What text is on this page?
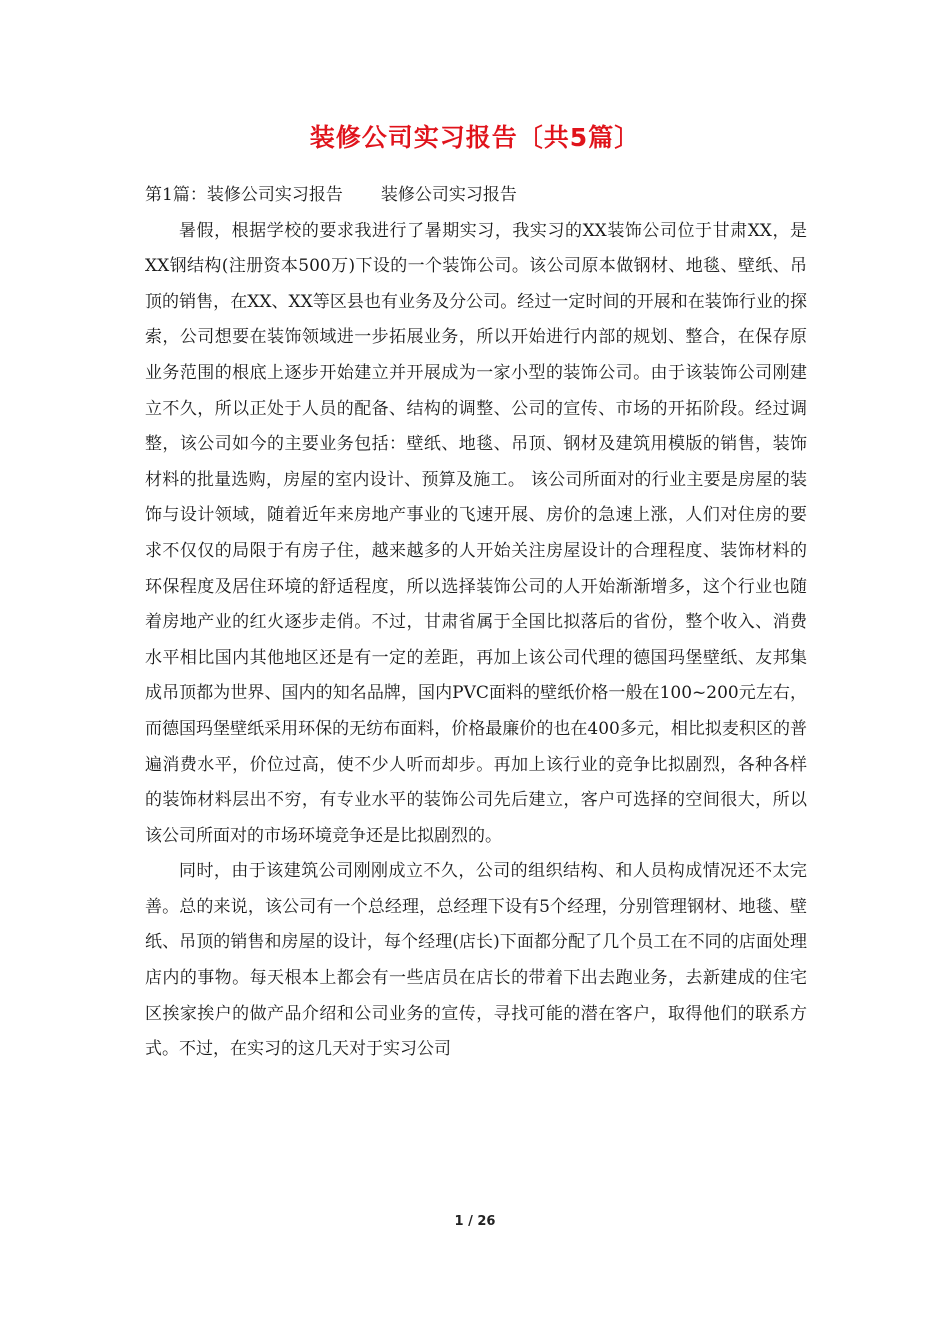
装修公司实习报告〔共5篇〕

第1篇：装修公司实习报告 装修公司实习报告

暑假，根据学校的要求我进行了暑期实习，我实习的XX装饰公司位于甘肃XX，是XX钢结构(注册资本500万)下设的一个装饰公司。该公司原本做钢材、地毯、壁纸、吊顶的销售，在XX、XX等区县也有业务及分公司。经过一定时间的开展和在装饰行业的探索，公司想要在装饰领域进一步拓展业务，所以开始进行内部的规划、整合，在保存原业务范围的根底上逐步开始建立并开展成为一家小型的装饰公司。由于该装饰公司刚建立不久，所以正处于人员的配备、结构的调整、公司的宣传、市场的开拓阶段。经过调整，该公司如今的主要业务包括：壁纸、地毯、吊顶、钢材及建筑用模版的销售，装饰材料的批量选购，房屋的室内设计、预算及施工。 该公司所面对的行业主要是房屋的装饰与设计领域，随着近年来房地产事业的飞速开展、房价的急速上涨，人们对住房的要求不仅仅的局限于有房子住，越来越多的人开始关注房屋设计的合理程度、装饰材料的环保程度及居住环境的舒适程度，所以选择装饰公司的人开始渐渐增多，这个行业也随着房地产业的红火逐步走俏。不过，甘肃省属于全国比拟落后的省份，整个收入、消费水平相比国内其他地区还是有一定的差距，再加上该公司代理的德国玛堡壁纸、友邦集成吊顶都为世界、国内的知名品牌，国内PVC面料的壁纸价格一般在100~200元左右，而德国玛堡壁纸采用环保的无纺布面料，价格最廉价的也在400多元，相比拟麦积区的普遍消费水平，价位过高，使不少人听而却步。再加上该行业的竞争比拟剧烈，各种各样的装饰材料层出不穷，有专业水平的装饰公司先后建立，客户可选择的空间很大，所以该公司所面对的市场环境竞争还是比拟剧烈的。

同时，由于该建筑公司刚刚成立不久，公司的组织结构、和人员构成情况还不太完善。总的来说，该公司有一个总经理，总经理下设有5个经理，分别管理钢材、地毯、壁纸、吊顶的销售和房屋的设计，每个经理(店长)下面都分配了几个员工在不同的店面处理店内的事物。每天根本上都会有一些店员在店长的带着下出去跑业务，去新建成的住宅区挨家挨户的做产品介绍和公司业务的宣传，寻找可能的潜在客户，取得他们的联系方式。不过，在实习的这几天对于实习公司

1 / 26
